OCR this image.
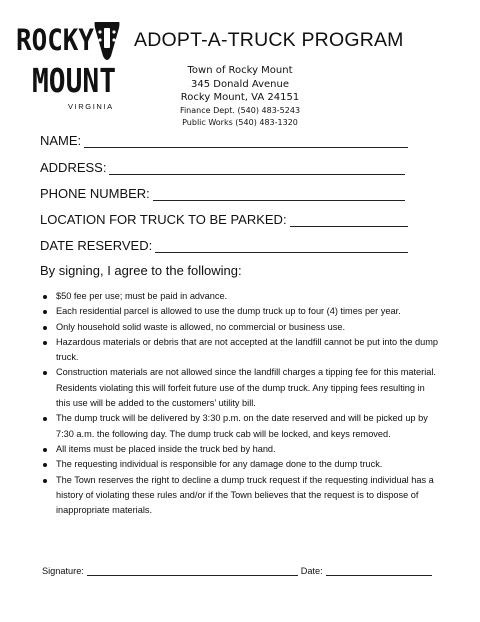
ROCKY
MOUNT
VIRGINIA
ADOPT-A-TRUCK PROGRAM
Town of Rocky Mount
345 Donald Avenue
Rocky Mount, VA 24151
Finance Dept. (540) 483-5243
Public Works (540) 483-1320
NAME:
ADDRESS:
PHONE NUMBER:
LOCATION FOR TRUCK TO BE PARKED:
DATE RESERVED:
By signing, I agree to the following:
$50 fee per use; must be paid in advance.
Each residential parcel is allowed to use the dump truck up to four (4) times per year.
Only household solid waste is allowed, no commercial or business use.
Hazardous materials or debris that are not accepted at the landfill cannot be put into the dump truck.
Construction materials are not allowed since the landfill charges a tipping fee for this material. Residents violating this will forfeit future use of the dump truck. Any tipping fees resulting in this use will be added to the customers’ utility bill.
The dump truck will be delivered by 3:30 p.m. on the date reserved and will be picked up by 7:30 a.m. the following day. The dump truck cab will be locked, and keys removed.
All items must be placed inside the truck bed by hand.
The requesting individual is responsible for any damage done to the dump truck.
The Town reserves the right to decline a dump truck request if the requesting individual has a history of violating these rules and/or if the Town believes that the request is to dispose of inappropriate materials.
Signature:	Date:
